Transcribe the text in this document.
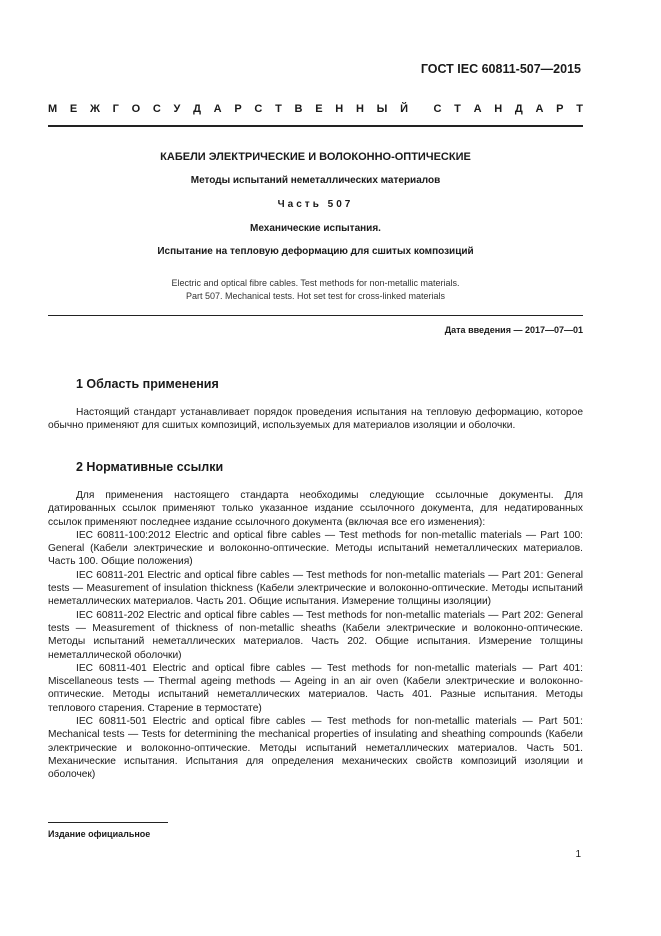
ГОСТ IEC 60811-507—2015
М Е Ж Г О С У Д А Р С Т В Е Н Н Ы Й С Т А Н Д А Р Т
КАБЕЛИ ЭЛЕКТРИЧЕСКИЕ И ВОЛОКОННО-ОПТИЧЕСКИЕ
Методы испытаний неметаллических материалов
Часть 507
Механические испытания.
Испытание на тепловую деформацию для сшитых композиций
Electric and optical fibre cables. Test methods for non-metallic materials.
Part 507. Mechanical tests. Hot set test for cross-linked materials
Дата введения — 2017—07—01
1 Область применения

Настоящий стандарт устанавливает порядок проведения испытания на тепловую деформацию, которое обычно применяют для сшитых композиций, используемых для материалов изоляции и оболочки.

2 Нормативные ссылки

Для применения настоящего стандарта необходимы следующие ссылочные документы. Для датированных ссылок применяют только указанное издание ссылочного документа, для недатированных ссылок применяют последнее издание ссылочного документа (включая все его изменения):

IEC 60811-100:2012 Electric and optical fibre cables — Test methods for non-metallic materials — Part 100: General (Кабели электрические и волоконно-оптические. Методы испытаний неметаллических материалов. Часть 100. Общие положения)

IEC 60811-201 Electric and optical fibre cables — Test methods for non-metallic materials — Part 201: General tests — Measurement of insulation thickness (Кабели электрические и волоконно-оптические. Методы испытаний неметаллических материалов. Часть 201. Общие испытания. Измерение толщины изоляции)

IEC 60811-202 Electric and optical fibre cables — Test methods for non-metallic materials — Part 202: General tests — Measurement of thickness of non-metallic sheaths (Кабели электрические и волоконно-оптические. Методы испытаний неметаллических материалов. Часть 202. Общие испытания. Измерение толщины неметаллической оболочки)

IEC 60811-401 Electric and optical fibre cables — Test methods for non-metallic materials — Part 401: Miscellaneous tests — Thermal ageing methods — Ageing in an air oven (Кабели электрические и волоконно-оптические. Методы испытаний неметаллических материалов. Часть 401. Разные испытания. Методы теплового старения. Старение в термостате)

IEC 60811-501 Electric and optical fibre cables — Test methods for non-metallic materials — Part 501: Mechanical tests — Tests for determining the mechanical properties of insulating and sheathing compounds (Кабели электрические и волоконно-оптические. Методы испытаний неметаллических материалов. Часть 501. Механические испытания. Испытания для определения механических свойств композиций изоляции и оболочек)

Издание официальное
1
